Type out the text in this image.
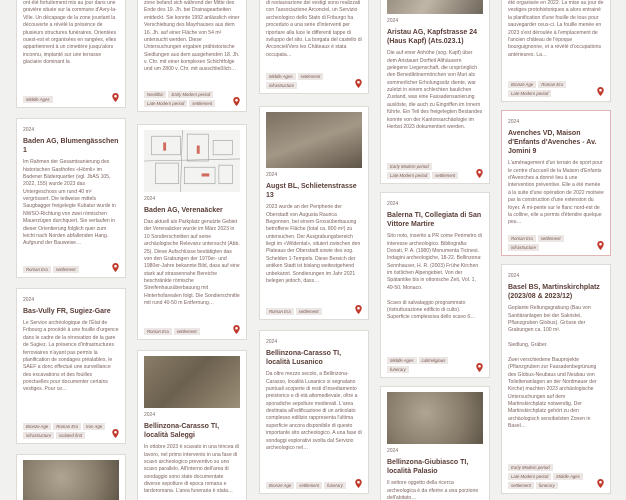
ont été fortuitement mis au jour dans une gravière située sur la commune d'Avry-la-Ville. Un décapage de la zone jouxtant la découverte a révélé la présence de plusieurs structures funéraires. Orientées ouest-est et organisées en rangées, elles appartiennent à un cimetière jusqu'alors inconnu, implanté sur une terrasse glaciaire dominant la
Middle Ages
2024
Baden AG, Blumengässchen 1
Im Rahmen der Gesamtsanierung des historischen Gasthofes «Hörnli» im Badener Bäderquartier (vgl. JbAS 105, 2022, 155) wurde 2023 das Untergeschoss um rund 40 m² vergrössert. Die teilweise mittels Saugbagger freigelegte Kubatur wurde in NWSO-Richtung von zwei römischen Mauerzügen durchquert. Sie verlaufen in dieser Orientierung folglich quer zum leicht nach Norden abfallenden Hang. Aufgrund der Bauweise…
Roman Era	settlement
2024
Bas-Vully FR, Sugiez-Gare
Le Service archéologique de l'État de Fribourg a procédé à une fouille d'urgence dans le cadre de la rénovation de la gare de Sugiez. La présence d'infrastructures ferroviaires n'ayant pas permis la planification de sondages préalables, le SAEF a donc effectué une surveillance des excavations et des fouilles ponctuelles pour documenter certains vestiges. Pour ce…
Bronze Age	Roman Era	Iron Age
infrastructure	isolated find
zone befand sich während der Mitte des Ende des 19. Jh. bei Drainagearbeiten entdeckt. Sie konnte 1992 anlässlich einer Verschiebung des Mayrhauses aus dem 16. Jh. auf einer Fläche von 54 m² untersucht werden. Diese Untersuchungen ergaben prähistorische Siedlungen aus dem ausgehenden 18. Jh. v. Chr. mit einer komplexen Schichtfolge und um 2800 v. Chr. mit ausschließlich…
Neolithic	Early Modern period
Late Modern period	settlement
2024
Baden AG, Verenaäcker
Das aktuell als Parkplatz genutzte Gebiet der Verenaäcker wurde im März 2023 in 10 Sondierschnitten auf seine archäologische Relevanz untersucht (Abb. 25). Diese Aufschlüsse bestätigten das von den Grabungen der 1970er- und 1980er-Jahre bekannte Bild, dass auf eine stark auf strassennahe Bereiche beschränkte römische Streifenhausüberbauung mit Hinterhofarealen folgt. Die Sondierschnitte mit rund 40-50 m Entfernung…
Roman Era	settlement
2024
Bellinzona-Carasso TI, località Saleggi
In ottobre 2023 è scavato in una trincea di lavoro, nel primo intervento in una fase di scavo archeologico preventivo su uno scavo parallelo. All'interno dell'area di sondaggio sono state documentate diverse sepolture di epoca romana e tardoromana. L'area funeraria è stata…
di restaurazione dei vestigi sono realizzati con l'associazione Arconciel, un Servizio archeologico dello Stato di Friburgo ha proceduto a una serie d'interventi per riportare alla luce le differenti tappe di sviluppo del sito. La borgata del castello di Arconciel/Vers les Châteaux è stata occupata…
Middle Ages	settlement
infrastructure
2024
Augst BL, Schlietenstrasse 13
2023 wurde an der Peripherie der Oberstadt von Augusta Raurica Begonnen, bei einem Grossüberbauung betroffene Fläche (total ca. 800 m²) zu untersuchen. Der Ausgrabungsbereich liegt im «Wildental», situiert zwischen den Plateaus der Oberstadt sowie des sog. Schelden 1-Tempels. Diese Bereich der antiken Stadt ist bislang weitestgehend unbekannt. Sondierungen im Jahr 2021 belegen jedoch, dass…
Roman Era	settlement
2024
Bellinzona-Carasso TI, località Lusanico
Da oltre mezzo secolo, a Bellinzona-Carasso, località Lusanico si segnalano puntuali scoperte di resti d'insediamento preistorico e di età altomedievale, oltre a sporadiche sepolture medievali. L'area destinata all'edificazione di un articolato complesso edilizio rappresenta l'ultima superficie ancora disponibile di questo importante sito archeologico. A una fase di sondaggi esplorativi svolta dal Servizio archeologico nel…
Bronze Age	settlement	funerary
2024
Aristau AG, Kapfstrasse 24 (Haus Kapf) (Ats.023.1)
Die auf einer Anhöhe (sog. Kapf) über dem Aristauer Dorfteil Althäusern gelegene Liegenschaft, die ursprünglich den Benediktinermönchen von Muri als sommerlicher Erholungssitz diente, war zuletzt in einem schlechten baulichen Zustand, was eine Fassadensanierung auslöste, die auch zu Eingriffen im Innern führte. Ein Teil des freigelegten Bestandes konnte von der Kantonsarchäologie im Herbst 2023 dokumentiert werden.
Early Modern period
Late Modern period	settlement
2024
Balerna TI, Collegiata di San Vittore Martire
Sito noto, inserito a PR come Perimetro di interesse archeologico. Bibliografia: Donati, P. A. (1980) Monumenta Ticinesi. Indagini archeologiche, 18-22. Bellinzona: Sennhauser, H. R. (2003) Frühe Kirchen im östlichen Alpengebiet. Von der Spätantike bis in ottonische Zeit, Vol. 1, 49-50. Monaco.

Scavo di salvataggio programmato (ristrutturazione edificio di culto). Superficie complessiva dello scavo 6…
Middle Ages	cult/religious
funerary
2024
Bellinzona-Giubiasco TI, località Palasio
Il settore oggetto della ricerca archeologica è da riferire a una porzione dell'abitato…
été organisée en 2022. La mise au jour de vestiges protohistoriques a alors entrainé la planification d'une fouille de tous pour sauvegarder ceux-ci. La fouille menée en 2023 s'est déroulée à l'emplacement de l'ancien château de l'époque bourguignonne, et a révélé d'occupations antérieures. La…
Bronze Age	Roman Era
Late Modern period
2024
Avenches VD, Maison d'Enfants d'Avenches - Av. Jomini 9
L'aménagement d'un terrain de sport pour le centre d'accueil de la Maison d'Enfants d'Avenches a donné lieu à une intervention préventive. Elle a été menée à la suite d'une opération de 2022 motivée par la construction d'une extension du foyer. À mi-pente sur le flanc nord-est de la colline, elle a permis d'étendre quelque peu…
Roman Era	settlement
infrastructure
2024
Basel BS, Martinskirchplatz (2023/08 & 2023/12)
Geplante Reltungsgrabung (Bau von Sanitäranlagen bei der Sakristei, Pflanzgruben Globus). Grösse der Grabungen ca. 100 m².

Siedlung, Gräber.

Zwei verschiedene Bauprojekte (Pflanzgruben zur Fassadenbegrünung des Globus-Neubaus und Neubau von Toilettenanlagen an der Nordmauer der Kirche) machten 2023 archäologische Untersuchungen auf dem Martinskirchplatz notwendig. Der Martinskirchplatz gehört zu den archäologisch sensibelsten Zonen in Basel…
Early Modern period
Late Modern period	Middle Ages
settlement	funerary
